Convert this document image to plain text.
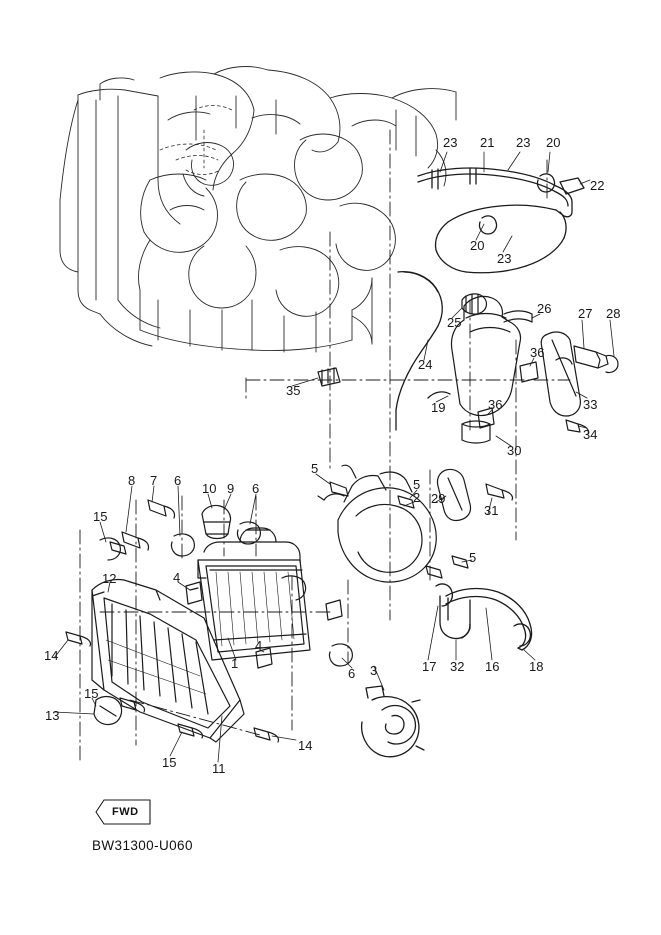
23 21 23 20
22
20
23
26 27 28
25
36
35
24
33
19	36
34
30
5
5
8 7 6
10 9 6
2 29
31
15
5
12	4
14
1
4
3	17 32 16 18
6
15
13
14
15	11
FWD
BW31300-U060
